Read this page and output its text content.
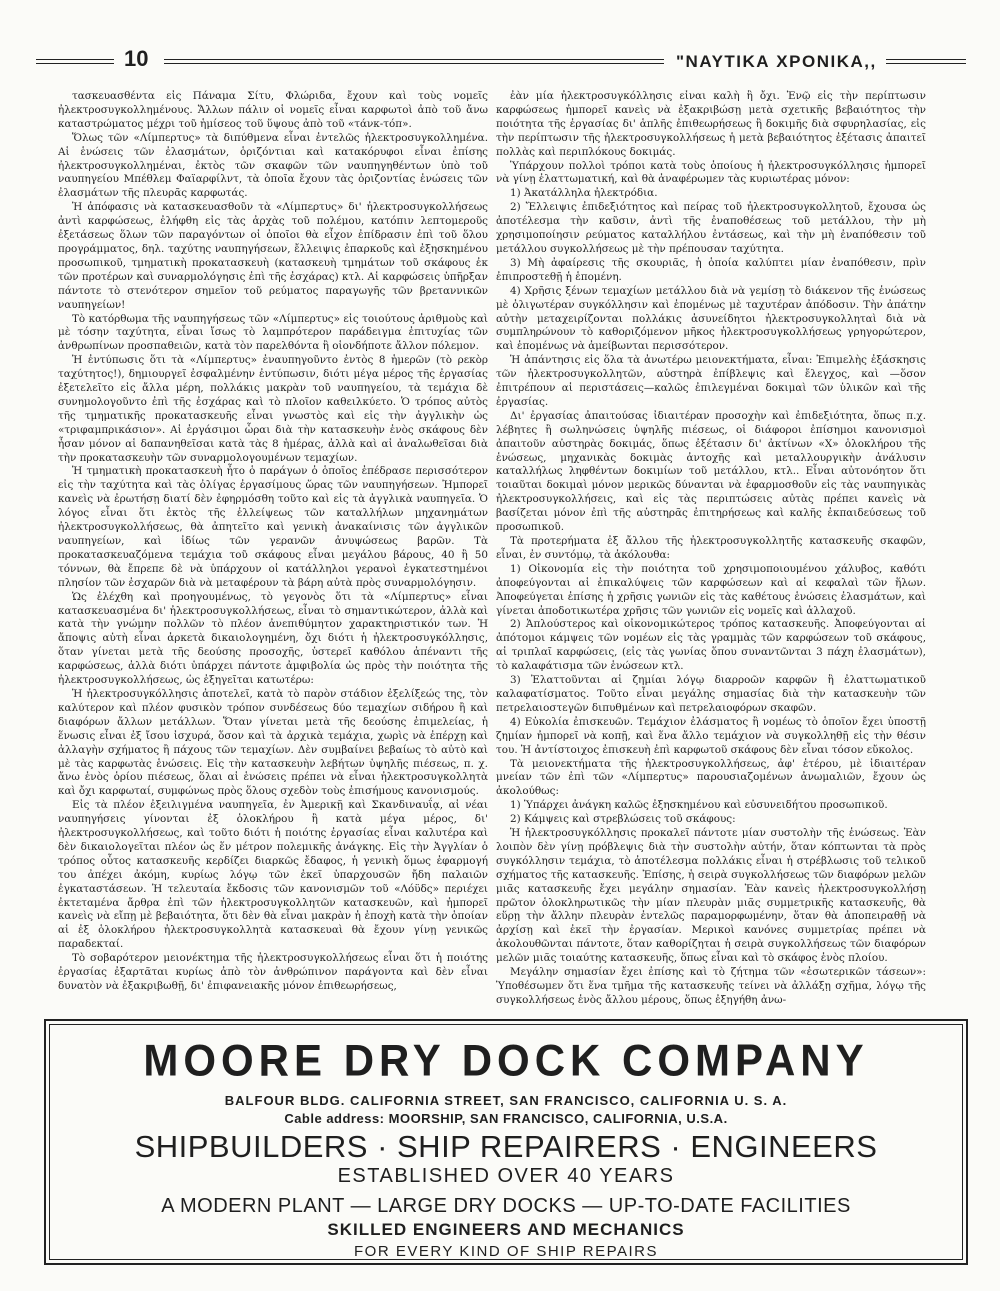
10	"ΝΑΥΤΙΚΑ ΧΡΟΝΙΚΑ,,

τασκευασθέντα εἰς Πάναμα Σίτυ, Φλώριδα, ἔχουν καὶ τοὺς νομεῖς ἠλεκτροσυγκολλημένους. Ἄλλων πάλιν οἱ νομεῖς εἶναι καρφωτοὶ ἀπὸ τοῦ ἄνω καταστρώματος μέχρι τοῦ ἡμίσεος τοῦ ὕψους ἀπὸ τοῦ «τάνκ-τόπ».

Ὅλως τῶν «Λίμπερτυς» τὰ διπύθμενα εἶναι ἐντελῶς ἠλεκτροσυγκολλημένα. Αἱ ἑνώσεις τῶν ἐλασμάτων, ὁριζόντιαι καὶ κατακόρυφοι εἶναι ἐπίσης ἠλεκτροσυγκολλημέναι, ἐκτὸς τῶν σκαφῶν τῶν ναυπηγηθέντων ὑπὸ τοῦ ναυπηγείου Μπέθλεμ Φαϊαρφίλντ, τὰ ὁποῖα ἔχουν τὰς ὁριζοντίας ἑνώσεις τῶν ἐλασμάτων τῆς πλευρᾶς καρφωτάς.

Ἡ ἀπόφασις νὰ κατασκευασθοῦν τὰ «Λίμπερτυς» δι' ἠλεκτροσυγκολλήσεως ἀντὶ καρφώσεως, ἐλήφθη εἰς τὰς ἀρχὰς τοῦ πολέμου, κατόπιν λεπτομεροῦς ἐξετάσεως ὅλων τῶν παραγόντων οἱ ὁποῖοι θὰ εἶχον ἐπίδρασιν ἐπὶ τοῦ ὅλου προγράμματος, δηλ. ταχύτης ναυπηγήσεων, ἔλλειψις ἐπαρκοῦς καὶ ἐξησκημένου προσωπικοῦ, τμηματικὴ προκατασκευὴ (κατασκευὴ τμημάτων τοῦ σκάφους ἐκ τῶν προτέρων καὶ συναρμολόγησις ἐπὶ τῆς ἐσχάρας) κτλ. Αἱ καρφώσεις ὑπῆρξαν πάντοτε τὸ στενότερον σημεῖον τοῦ ρεύματος παραγωγῆς τῶν βρεταννικῶν ναυπηγείων!

Τὸ κατόρθωμα τῆς ναυπηγήσεως τῶν «Λίμπερτυς» εἰς τοιούτους ἀριθμοὺς καὶ μὲ τόσην ταχύτητα, εἶναι ἴσως τὸ λαμπρότερον παράδειγμα ἐπιτυχίας τῶν ἀνθρωπίνων προσπαθειῶν, κατὰ τὸν παρελθόντα ἢ οἱονδήποτε ἄλλον πόλεμον.

Ἡ ἐντύπωσις ὅτι τὰ «Λίμπερτυς» ἐναυπηγοῦντο ἐντὸς 8 ἡμερῶν (τὸ ρεκὸρ ταχύτητος!), δημιουργεῖ ἐσφαλμένην ἐντύπωσιν, διότι μέγα μέρος τῆς ἐργασίας ἐξετελεῖτο εἰς ἄλλα μέρη, πολλάκις μακρὰν τοῦ ναυπηγείου, τὰ τεμάχια δὲ συνημολογοῦντο ἐπὶ τῆς ἐσχάρας καὶ τὸ πλοῖον καθειλκύετο. Ὁ τρόπος αὐτὸς τῆς τμηματικῆς προκατασκευῆς εἶναι γνωστὸς καὶ εἰς τὴν ἀγγλικὴν ὡς «τριφαμπρικάσιον». Αἱ ἐργάσιμοι ὧραι διὰ τὴν κατασκευὴν ἑνὸς σκάφους δὲν ἦσαν μόνον αἱ δαπανηθεῖσαι κατὰ τὰς 8 ἡμέρας, ἀλλὰ καὶ αἱ ἀναλωθεῖσαι διὰ τὴν προκατασκευὴν τῶν συναρμολογουμένων τεμαχίων.

Ἡ τμηματικὴ προκατασκευὴ ἦτο ὁ παράγων ὁ ὁποῖος ἐπέδρασε περισσότερον εἰς τὴν ταχύτητα καὶ τὰς ὀλίγας ἐργασίμους ὥρας τῶν ναυπηγήσεων. Ἠμπορεῖ κανεὶς νὰ ἐρωτήσῃ διατί δὲν ἐφηρμόσθη τοῦτο καὶ εἰς τὰ ἀγγλικὰ ναυπηγεῖα. Ὁ λόγος εἶναι ὅτι ἐκτὸς τῆς ἐλλείψεως τῶν καταλλήλων μηχανημάτων ἠλεκτροσυγκολλήσεως, θὰ ἀπητεῖτο καὶ γενικὴ ἀνακαίνισις τῶν ἀγγλικῶν ναυπηγείων, καὶ ἰδίως τῶν γερανῶν ἀνυψώσεως βαρῶν. Τὰ προκατασκευαζόμενα τεμάχια τοῦ σκάφους εἶναι μεγάλου βάρους, 40 ἢ 50 τόννων, θὰ ἔπρεπε δὲ νὰ ὑπάρχουν οἱ κατάλληλοι γερανοὶ ἐγκατεστημένοι πλησίον τῶν ἐσχαρῶν διὰ νὰ μεταφέρουν τὰ βάρη αὐτὰ πρὸς συναρμολόγησιν.

Ὡς ἐλέχθη καὶ προηγουμένως, τὸ γεγονὸς ὅτι τὰ «Λίμπερτυς» εἶναι κατασκευασμένα δι' ἠλεκτροσυγκολλήσεως, εἶναι τὸ σημαντικώτερον, ἀλλὰ καὶ κατὰ τὴν γνώμην πολλῶν τὸ πλέον ἀνεπιθύμητον χαρακτηριστικόν των. Ἡ ἄποψις αὐτὴ εἶναι ἀρκετὰ δικαιολογημένη, ὄχι διότι ἡ ἠλεκτροσυγκόλλησις, ὅταν γίνεται μετὰ τῆς δεούσης προσοχῆς, ὑστερεῖ καθόλου ἀπέναντι τῆς καρφώσεως, ἀλλὰ διότι ὑπάρχει πάντοτε ἀμφιβολία ὡς πρὸς τὴν ποιότητα τῆς ἠλεκτροσυγκολλήσεως, ὡς ἐξηγεῖται κατωτέρω:

Ἡ ἠλεκτροσυγκόλλησις ἀποτελεῖ, κατὰ τὸ παρὸν στάδιον ἐξελίξεώς της, τὸν καλύτερον καὶ πλέον φυσικὸν τρόπον συνδέσεως δύο τεμαχίων σιδήρου ἢ καὶ διαφόρων ἄλλων μετάλλων. Ὅταν γίνεται μετὰ τῆς δεούσης ἐπιμελείας, ἡ ἕνωσις εἶναι ἐξ ἴσου ἰσχυρά, ὅσον καὶ τὰ ἀρχικὰ τεμάχια, χωρὶς νὰ ἐπέρχῃ καὶ ἀλλαγὴν σχήματος ἢ πάχους τῶν τεμαχίων. Δὲν συμβαίνει βεβαίως τὸ αὐτὸ καὶ μὲ τὰς καρφωτὰς ἑνώσεις. Εἰς τὴν κατασκευὴν λεβήτων ὑψηλῆς πιέσεως, π. χ. ἄνω ἑνὸς ὁρίου πιέσεως, ὅλαι αἱ ἑνώσεις πρέπει νὰ εἶναι ἠλεκτροσυγκολλητὰ καὶ ὄχι καρφωταί, συμφώνως πρὸς ὅλους σχεδὸν τοὺς ἐπισήμους κανονισμούς.

Εἰς τὰ πλέον ἐξειλιγμένα ναυπηγεῖα, ἐν Ἀμερικῇ καὶ Σκανδιναυΐᾳ, αἱ νέαι ναυπηγήσεις γίνονται ἐξ ὁλοκλήρου ἢ κατὰ μέγα μέρος, δι' ἠλεκτροσυγκολλήσεως, καὶ τοῦτο διότι ἡ ποιότης ἐργασίας εἶναι καλυτέρα καὶ δὲν δικαιολογεῖται πλέον ὡς ἕν μέτρον πολεμικῆς ἀνάγκης. Εἰς τὴν Ἀγγλίαν ὁ τρόπος οὗτος κατασκευῆς κερδίζει διαρκῶς ἔδαφος, ἡ γενικὴ ὅμως ἐφαρμογή του ἀπέχει ἀκόμη, κυρίως λόγῳ τῶν ἐκεῖ ὑπαρχουσῶν ἤδη παλαιῶν ἐγκαταστάσεων. Ἡ τελευταία ἔκδοσις τῶν κανονισμῶν τοῦ «Λόϋδς» περιέχει ἐκτεταμένα ἄρθρα ἐπὶ τῶν ἠλεκτροσυγκολλητῶν κατασκευῶν, καὶ ἠμπορεῖ κανεὶς νὰ εἴπῃ μὲ βεβαιότητα, ὅτι δὲν θὰ εἶναι μακρὰν ἡ ἐποχὴ κατὰ τὴν ὁποίαν αἱ ἐξ ὁλοκλήρου ἠλεκτροσυγκολλητὰ κατασκευαὶ θὰ ἔχουν γίνῃ γενικῶς παραδεκταί.

Τὸ σοβαρότερον μειονέκτημα τῆς ἠλεκτροσυγκολλήσεως εἶναι ὅτι ἡ ποιότης ἐργασίας ἐξαρτᾶται κυρίως ἀπὸ τὸν ἀνθρώπινον παράγοντα καὶ δὲν εἶναι δυνατὸν νὰ ἐξακριβωθῇ, δι' ἐπιφανειακῆς μόνον ἐπιθεωρήσεως,

ἐὰν μία ἠλεκτροσυγκόλλησις εἶναι καλὴ ἢ ὄχι. Ἐνῷ εἰς τὴν περίπτωσιν καρφώσεως ἠμπορεῖ κανεὶς νὰ ἐξακριβώσῃ μετὰ σχετικῆς βεβαιότητος τὴν ποιότητα τῆς ἐργασίας δι' ἁπλῆς ἐπιθεωρήσεως ἢ δοκιμῆς διὰ σφυρηλασίας, εἰς τὴν περίπτωσιν τῆς ἠλεκτροσυγκολλήσεως ἡ μετὰ βεβαιότητος ἐξέτασις ἀπαιτεῖ πολλὰς καὶ περιπλόκους δοκιμάς.

Ὑπάρχουν πολλοὶ τρόποι κατὰ τοὺς ὁποίους ἡ ἠλεκτροσυγκόλλησις ἠμπορεῖ νὰ γίνῃ ἐλαττωματική, καὶ θὰ ἀναφέρωμεν τὰς κυριωτέρας μόνον:

1) Ἀκατάλληλα ἠλεκτρόδια.

2) Ἔλλειψις ἐπιδεξιότητος καὶ πείρας τοῦ ἠλεκτροσυγκολλητοῦ, ἔχουσα ὡς ἀποτέλεσμα τὴν καῦσιν, ἀντὶ τῆς ἐναποθέσεως τοῦ μετάλλου, τὴν μὴ χρησιμοποίησιν ρεύματος καταλλήλου ἐντάσεως, καὶ τὴν μὴ ἐναπόθεσιν τοῦ μετάλλου συγκολλήσεως μὲ τὴν πρέπουσαν ταχύτητα.

3) Μὴ ἀφαίρεσις τῆς σκουριᾶς, ἡ ὁποία καλύπτει μίαν ἐναπόθεσιν, πρὶν ἐπιπροστεθῇ ἡ ἑπομένη.

4) Χρῆσις ξένων τεμαχίων μετάλλου διὰ νὰ γεμίσῃ τὸ διάκενον τῆς ἑνώσεως μὲ ὀλιγωτέραν συγκόλλησιν καὶ ἑπομένως μὲ ταχυτέραν ἀπόδοσιν. Τὴν ἀπάτην αὐτὴν μεταχειρίζονται πολλάκις ἀσυνείδητοι ἠλεκτροσυγκολληταὶ διὰ νὰ συμπληρώνουν τὸ καθοριζόμενον μῆκος ἠλεκτροσυγκολλήσεως γρηγορώτερον, καὶ ἑπομένως νὰ ἀμείβωνται περισσότερον.

Ἡ ἀπάντησις εἰς ὅλα τὰ ἀνωτέρω μειονεκτήματα, εἶναι: Ἐπιμελὴς ἐξάσκησις τῶν ἠλεκτροσυγκολλητῶν, αὐστηρὰ ἐπίβλεψις καὶ ἔλεγχος, καὶ —ὅσον ἐπιτρέπουν αἱ περιστάσεις—καλῶς ἐπιλεγμέναι δοκιμαὶ τῶν ὑλικῶν καὶ τῆς ἐργασίας.

Δι' ἐργασίας ἀπαιτούσας ἰδιαιτέραν προσοχὴν καὶ ἐπιδεξιότητα, ὅπως π.χ. λέβητες ἢ σωληνώσεις ὑψηλῆς πιέσεως, οἱ διάφοροι ἐπίσημοι κανονισμοὶ ἀπαιτοῦν αὐστηρὰς δοκιμάς, ὅπως ἐξέτασιν δι' ἀκτίνων «Χ» ὁλοκλήρου τῆς ἑνώσεως, μηχανικὰς δοκιμὰς ἀντοχῆς καὶ μεταλλουργικὴν ἀνάλυσιν καταλλήλως ληφθέντων δοκιμίων τοῦ μετάλλου, κτλ.. Εἶναι αὐτονόητον ὅτι τοιαῦται δοκιμαὶ μόνον μερικῶς δύνανται νὰ ἐφαρμοσθοῦν εἰς τὰς ναυπηγικὰς ἠλεκτροσυγκολλήσεις, καὶ εἰς τὰς περιπτώσεις αὐτὰς πρέπει κανεὶς νὰ βασίζεται μόνον ἐπὶ τῆς αὐστηρᾶς ἐπιτηρήσεως καὶ καλῆς ἐκπαιδεύσεως τοῦ προσωπικοῦ.

Τὰ προτερήματα ἐξ ἄλλου τῆς ἠλεκτροσυγκολλητῆς κατασκευῆς σκαφῶν, εἶναι, ἐν συντόμῳ, τὰ ἀκόλουθα:

1) Οἰκονομία εἰς τὴν ποιότητα τοῦ χρησιμοποιουμένου χάλυβος, καθότι ἀποφεύγονται αἱ ἐπικαλύψεις τῶν καρφώσεων καὶ αἱ κεφαλαὶ τῶν ἥλων. Ἀποφεύγεται ἐπίσης ἡ χρῆσις γωνιῶν εἰς τὰς καθέτους ἑνώσεις ἐλασμάτων, καὶ γίνεται ἀποδοτικωτέρα χρῆσις τῶν γωνιῶν εἰς νομεῖς καὶ ἀλλαχοῦ.

2) Ἁπλούστερος καὶ οἰκονομικώτερος τρόπος κατασκευῆς. Ἀποφεύγονται αἱ ἀπότομοι κάμψεις τῶν νομέων εἰς τὰς γραμμὰς τῶν καρφώσεων τοῦ σκάφους, αἱ τριπλαῖ καρφώσεις, (εἰς τὰς γωνίας ὅπου συναντῶνται 3 πάχη ἐλασμάτων), τὸ καλαφάτισμα τῶν ἑνώσεων κτλ.

3) Ἐλαττοῦνται αἱ ζημίαι λόγῳ διαρροῶν καρφῶν ἢ ἐλαττωματικοῦ καλαφατίσματος. Τοῦτο εἶναι μεγάλης σημασίας διὰ τὴν κατασκευὴν τῶν πετρελαιοστεγῶν διπυθμένων καὶ πετρελαιοφόρων σκαφῶν.

4) Εὐκολία ἐπισκευῶν. Τεμάχιον ἐλάσματος ἢ νομέως τὸ ὁποῖον ἔχει ὑποστῇ ζημίαν ἠμπορεῖ νὰ κοπῇ, καὶ ἕνα ἄλλο τεμάχιον νὰ συγκολληθῇ εἰς τὴν θέσιν του. Ἡ ἀντίστοιχος ἐπισκευὴ ἐπὶ καρφωτοῦ σκάφους δὲν εἶναι τόσον εὔκολος.

Τὰ μειονεκτήματα τῆς ἠλεκτροσυγκολλήσεως, ἀφ' ἑτέρου, μὲ ἰδιαιτέραν μνείαν τῶν ἐπὶ τῶν «Λίμπερτυς» παρουσιαζομένων ἀνωμαλιῶν, ἔχουν ὡς ἀκολούθως:

1) Ὑπάρχει ἀνάγκη καλῶς ἐξησκημένου καὶ εὐσυνειδήτου προσωπικοῦ.

2) Κάμψεις καὶ στρεβλώσεις τοῦ σκάφους:

Ἡ ἠλεκτροσυγκόλλησις προκαλεῖ πάντοτε μίαν συστολὴν τῆς ἑνώσεως. Ἐὰν λοιπὸν δὲν γίνῃ πρόβλεψις διὰ τὴν συστολὴν αὐτήν, ὅταν κόπτωνται τὰ πρὸς συγκόλλησιν τεμάχια, τὸ ἀποτέλεσμα πολλάκις εἶναι ἡ στρέβλωσις τοῦ τελικοῦ σχήματος τῆς κατασκευῆς. Ἐπίσης, ἡ σειρὰ συγκολλήσεως τῶν διαφόρων μελῶν μιᾶς κατασκευῆς ἔχει μεγάλην σημασίαν. Ἐὰν κανεὶς ἠλεκτροσυγκολλήσῃ πρῶτον ὁλοκληρωτικῶς τὴν μίαν πλευρὰν μιᾶς συμμετρικῆς κατασκευῆς, θὰ εὕρῃ τὴν ἄλλην πλευρὰν ἐντελῶς παραμορφωμένην, ὅταν θὰ ἀποπειραθῇ νὰ ἀρχίσῃ καὶ ἐκεῖ τὴν ἐργασίαν. Μερικοὶ κανόνες συμμετρίας πρέπει νὰ ἀκολουθῶνται πάντοτε, ὅταν καθορίζηται ἡ σειρὰ συγκολλήσεως τῶν διαφόρων μελῶν μιᾶς τοιαύτης κατασκευῆς, ὅπως εἶναι καὶ τὸ σκάφος ἑνὸς πλοίου.

Μεγάλην σημασίαν ἔχει ἐπίσης καὶ τὸ ζήτημα τῶν «ἐσωτερικῶν τάσεων»: Ὑποθέσωμεν ὅτι ἕνα τμῆμα τῆς κατασκευῆς τείνει νὰ ἀλλάξῃ σχῆμα, λόγῳ τῆς συγκολλήσεως ἑνὸς ἄλλου μέρους, ὅπως ἐξηγήθη ἀνω-

MOORE DRY DOCK COMPANY
BALFOUR BLDG. CALIFORNIA STREET, SAN FRANCISCO, CALIFORNIA U. S. A.
Cable address: MOORSHIP, SAN FRANCISCO, CALIFORNIA, U.S.A.
SHIPBUILDERS · SHIP REPAIRERS · ENGINEERS
ESTABLISHED OVER 40 YEARS
A MODERN PLANT — LARGE DRY DOCKS — UP-TO-DATE FACILITIES
SKILLED ENGINEERS AND MECHANICS
FOR EVERY KIND OF SHIP REPAIRS
